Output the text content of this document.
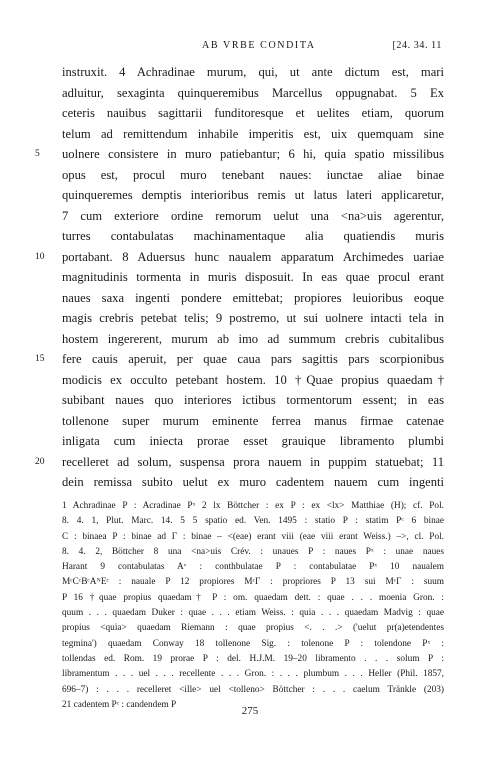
AB VRBE CONDITA	[24. 34. 11
instruxit. 4 Achradinae murum, qui, ut ante dictum est, mari
adluitur, sexaginta quinqueremibus Marcellus oppugnabat. 5 Ex
ceteris nauibus sagittarii funditoresque et uelites etiam, quorum
telum ad remittendum inhabile imperitis est, uix quemquam sine
5	uolnere consistere in muro patiebantur; 6 hi, quia spatio missilibus
opus est, procul muro tenebant naues: iunctae aliae binae
quinqueremes demptis interioribus remis ut latus lateri applicaretur,
7 cum exteriore ordine remorum uelut una <na>uis agerentur,
turres contabulatas machinamentaque alia quatiendis muris
10	portabant. 8 Aduersus hunc naualem apparatum Archimedes uariae
magnitudinis tormenta in muris disposuit. In eas quae procul erant
naues saxa ingenti pondere emittebat; propiores leuioribus eoque
magis crebris petebat telis; 9 postremo, ut sui uolnere intacti tela in
hostem ingererent, murum ab imo ad summum crebris cubitalibus
15	fere cauis aperuit, per quae caua pars sagittis pars scorpionibus
modicis ex occulto petebant hostem. 10 †Quae propius quaedam†
subibant naues quo interiores ictibus tormentorum essent; in eas
tollenone super murum eminente ferrea manus firmae catenae
inligata cum iniecta prorae esset grauique libramento plumbi
20	recelleret ad solum, suspensa prora nauem in puppim statuebat; 11
dein remissa subito uelut ex muro cadentem nauem cum ingenti
1 Achradinae P : Acradinae Pˣ 2 lx Böttcher : ex P : ex <lx> Matthiae (H); cf. Pol.
8. 4. 1, Plut. Marc. 14. 5 5 spatio ed. Ven. 1495 : statio P : statim Pᶜ 6 binae
C : binaea P : binae ad Γ : binae – <(eae) erant viii (eae viii erant Weiss.) –>, cl. Pol.
8. 4. 2, Böttcher 8 una <na>uis Crév. : unaues P : naues Pˣ : unae naues
Harant 9 contabulatas Aᵛ : conthbulatae P : contabulatae Pˣ 10 naualem
MᶜCᶜBᶜAᴺEᶜ : nauale P 12 propiores MᶜΓ : propriores P 13 sui MᶜΓ : suum
P 16 †quae propius quaedam† P : om. quaedam dett. : quae . . . moenia Gron. :
quum . . . quaedam Duker : quae . . . etiam Weiss. : quia . . . quaedam Madvig : quae
propius <quia> quaedam Riemann : quae propius <. . .> ('uelut pr(a)etendentes
tegmina') quaedam Conway 18 tollenone Sig. : tolenone P : tolendone Pˣ :
tollendas ed. Rom. 19 prorae P : del. H.J.M. 19–20 libramento . . . solum P :
libramentum . . . uel . . . recellente . . . Gron. : . . . plumbum . . . Heller (Phil. 1857,
696–7) : . . . recelleret <ille> uel <tolleno> Böttcher : . . . caelum Tränkle (203)
21 cadentem Pᶜ : candendem P
275
